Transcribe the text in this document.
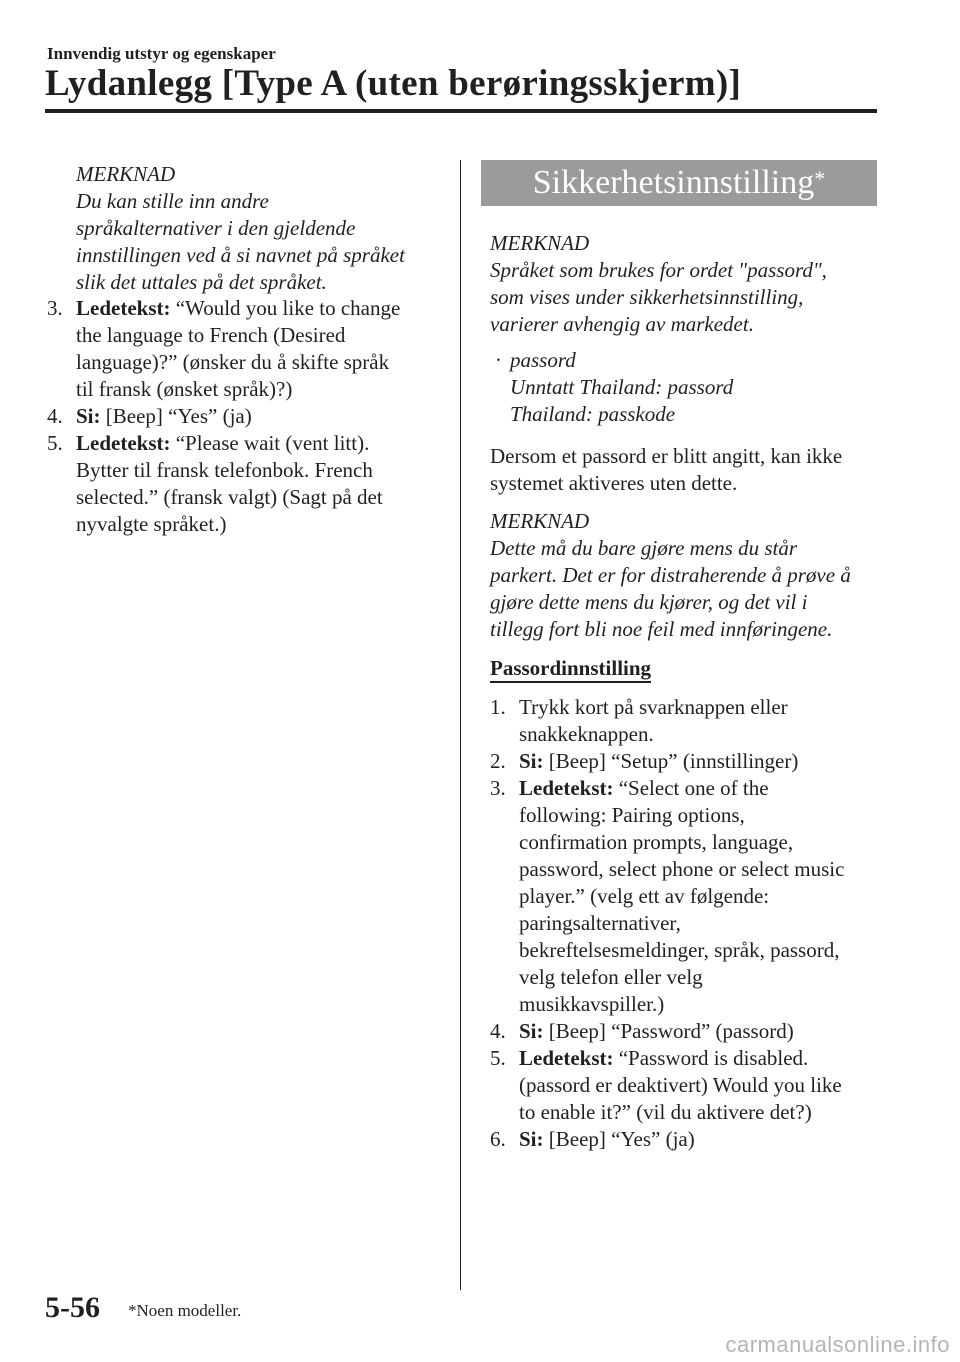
Innvendig utstyr og egenskaper
Lydanlegg [Type A (uten berøringsskjerm)]

MERKNAD

Du kan stille inn andre

språkalternativer i den gjeldende

innstillingen ved å si navnet på språket

slik det uttales på det språket.

3. Ledetekst: “Would you like to change

the language to French (Desired

language)?” (ønsker du å skifte språk

til fransk (ønsket språk)?)

4. Si: [Beep] “Yes” (ja)

5. Ledetekst: “Please wait (vent litt).

Bytter til fransk telefonbok. French

selected.” (fransk valgt) (Sagt på det

nyvalgte språket.)

Sikkerhetsinnstilling*

MERKNAD

Språket som brukes for ordet "passord",

som vises under sikkerhetsinnstilling,

varierer avhengig av markedet.

· passord

Unntatt Thailand: passord

Thailand: passkode

Dersom et passord er blitt angitt, kan ikke

systemet aktiveres uten dette.

MERKNAD

Dette må du bare gjøre mens du står

parkert. Det er for distraherende å prøve å

gjøre dette mens du kjører, og det vil i

tillegg fort bli noe feil med innføringene.

Passordinnstilling
1. Trykk kort på svarknappen eller

snakkeknappen.

2. Si: [Beep] “Setup” (innstillinger)

3. Ledetekst: “Select one of the

following: Pairing options,

confirmation prompts, language,

password, select phone or select music

player.” (velg ett av følgende:

paringsalternativer,

bekreftelsesmeldinger, språk, passord,

velg telefon eller velg

musikkavspiller.)

4. Si: [Beep] “Password” (passord)

5. Ledetekst: “Password is disabled.

(passord er deaktivert) Would you like

to enable it?” (vil du aktivere det?)

6. Si: [Beep] “Yes” (ja)

5-56 *Noen modeller.
carmanualsonline.info
